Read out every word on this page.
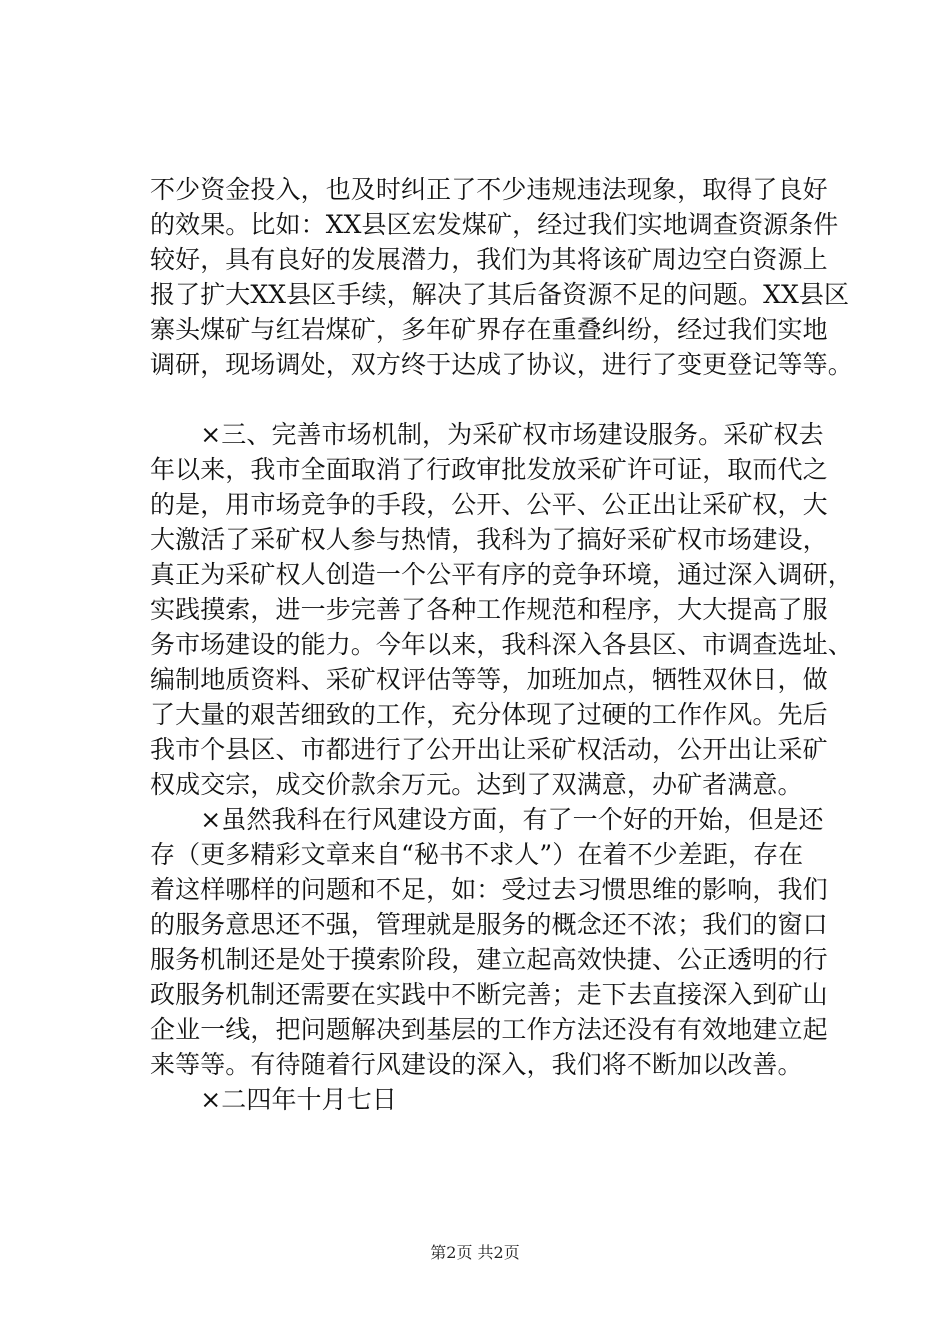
不少资金投入，也及时纠正了不少违规违法现象，取得了良好
的效果。比如：XX县区宏发煤矿，经过我们实地调查资源条件
较好，具有良好的发展潜力，我们为其将该矿周边空白资源上
报了扩大XX县区手续，解决了其后备资源不足的问题。XX县区
寨头煤矿与红岩煤矿，多年矿界存在重叠纠纷，经过我们实地
调研，现场调处，双方终于达成了协议，进行了变更登记等等。
　　×三、完善市场机制，为采矿权市场建设服务。采矿权去
年以来，我市全面取消了行政审批发放采矿许可证，取而代之
的是，用市场竞争的手段，公开、公平、公正出让采矿权，大
大激活了采矿权人参与热情，我科为了搞好采矿权市场建设，
真正为采矿权人创造一个公平有序的竞争环境，通过深入调研，
实践摸索，进一步完善了各种工作规范和程序，大大提高了服
务市场建设的能力。今年以来，我科深入各县区、市调查选址、
编制地质资料、采矿权评估等等，加班加点，牺牲双休日，做
了大量的艰苦细致的工作，充分体现了过硬的工作作风。先后
我市个县区、市都进行了公开出让采矿权活动，公开出让采矿
权成交宗，成交价款余万元。达到了双满意，办矿者满意。
　　×虽然我科在行风建设方面，有了一个好的开始，但是还
存（更多精彩文章来自“秘书不求人”）在着不少差距，存在
着这样哪样的问题和不足，如：受过去习惯思维的影响，我们
的服务意思还不强，管理就是服务的概念还不浓；我们的窗口
服务机制还是处于摸索阶段，建立起高效快捷、公正透明的行
政服务机制还需要在实践中不断完善；走下去直接深入到矿山
企业一线，把问题解决到基层的工作方法还没有有效地建立起
来等等。有待随着行风建设的深入，我们将不断加以改善。
　　×二四年十月七日
第2页 共2页
